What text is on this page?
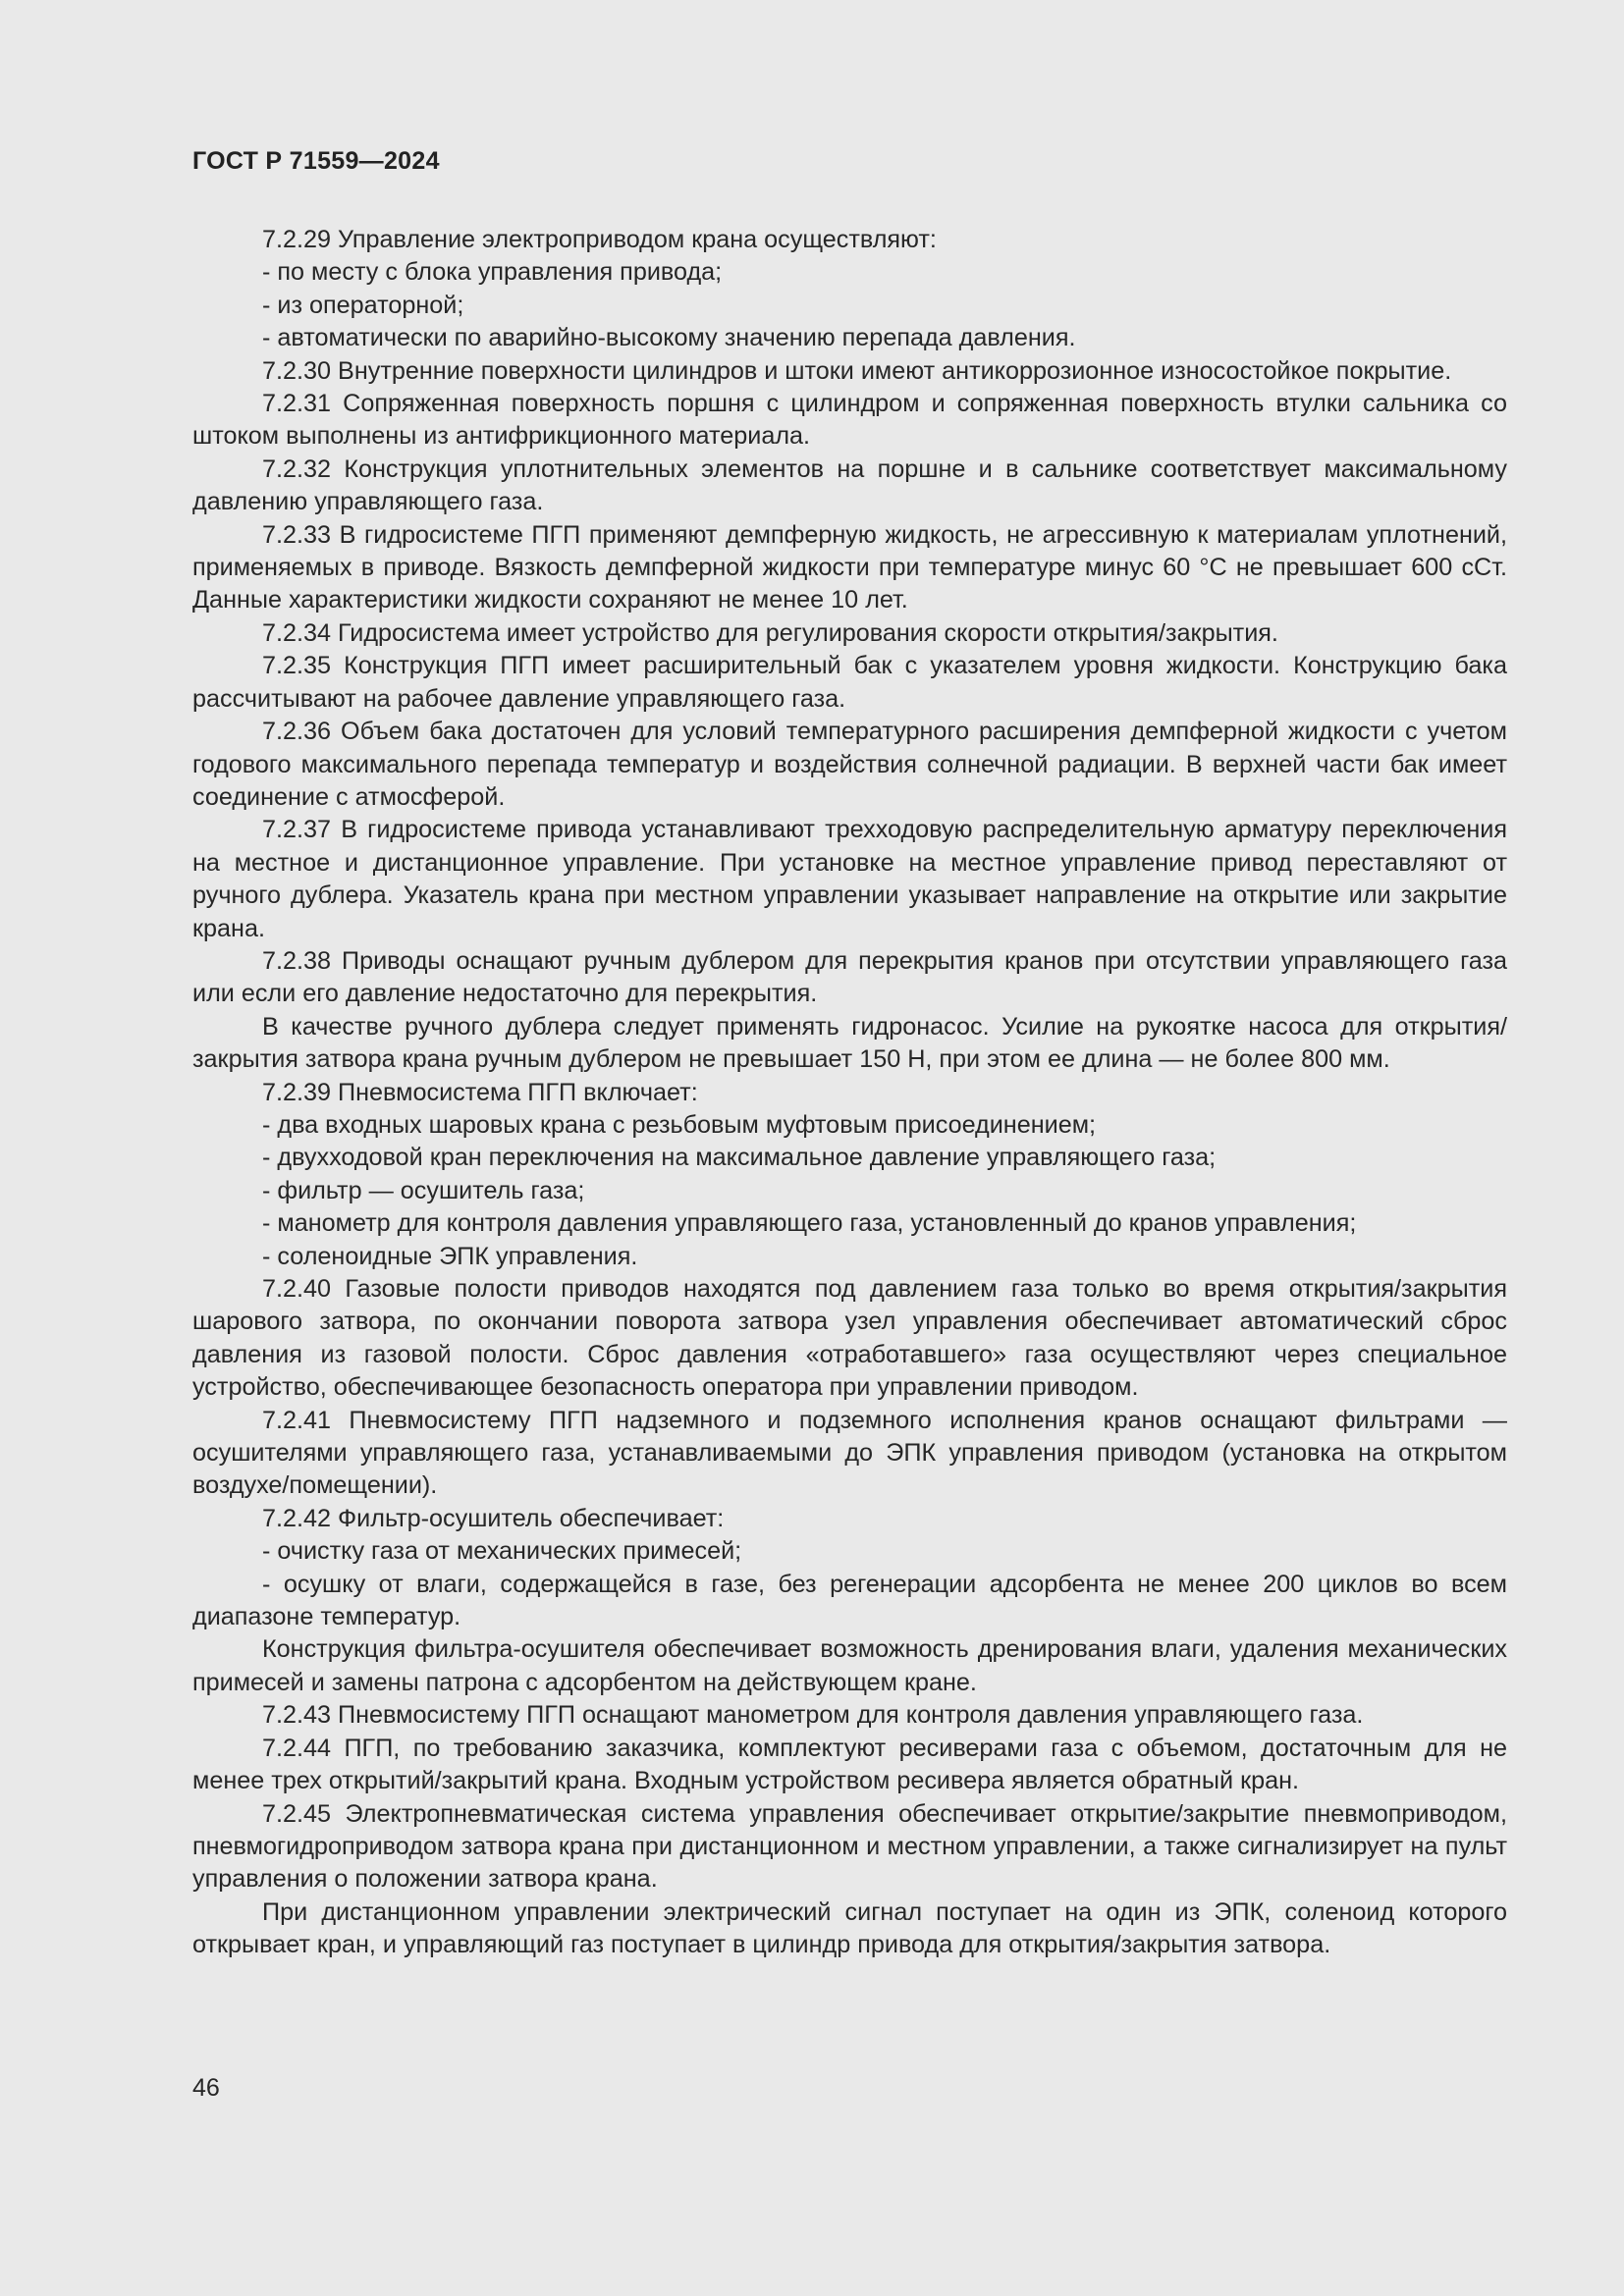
ГОСТ Р 71559—2024

7.2.29 Управление электроприводом крана осуществляют:

- по месту с блока управления привода;

- из операторной;

- автоматически по аварийно-высокому значению перепада давления.

7.2.30 Внутренние поверхности цилиндров и штоки имеют антикоррозионное износостойкое покрытие.

7.2.31 Сопряженная поверхность поршня с цилиндром и сопряженная поверхность втулки сальника со штоком выполнены из антифрикционного материала.

7.2.32 Конструкция уплотнительных элементов на поршне и в сальнике соответствует максимальному давлению управляющего газа.

7.2.33 В гидросистеме ПГП применяют демпферную жидкость, не агрессивную к материалам уплотнений, применяемых в приводе. Вязкость демпферной жидкости при температуре минус 60 °С не превышает 600 сСт. Данные характеристики жидкости сохраняют не менее 10 лет.

7.2.34 Гидросистема имеет устройство для регулирования скорости открытия/закрытия.

7.2.35 Конструкция ПГП имеет расширительный бак с указателем уровня жидкости. Конструкцию бака рассчитывают на рабочее давление управляющего газа.

7.2.36 Объем бака достаточен для условий температурного расширения демпферной жидкости с учетом годового максимального перепада температур и воздействия солнечной радиации. В верхней части бак имеет соединение с атмосферой.

7.2.37 В гидросистеме привода устанавливают трехходовую распределительную арматуру переключения на местное и дистанционное управление. При установке на местное управление привод переставляют от ручного дублера. Указатель крана при местном управлении указывает направление на открытие или закрытие крана.

7.2.38 Приводы оснащают ручным дублером для перекрытия кранов при отсутствии управляющего газа или если его давление недостаточно для перекрытия.

В качестве ручного дублера следует применять гидронасос. Усилие на рукоятке насоса для открытия/закрытия затвора крана ручным дублером не превышает 150 Н, при этом ее длина — не более 800 мм.

7.2.39 Пневмосистема ПГП включает:

- два входных шаровых крана с резьбовым муфтовым присоединением;

- двухходовой кран переключения на максимальное давление управляющего газа;

- фильтр — осушитель газа;

- манометр для контроля давления управляющего газа, установленный до кранов управления;

- соленоидные ЭПК управления.

7.2.40 Газовые полости приводов находятся под давлением газа только во время открытия/закрытия шарового затвора, по окончании поворота затвора узел управления обеспечивает автоматический сброс давления из газовой полости. Сброс давления «отработавшего» газа осуществляют через специальное устройство, обеспечивающее безопасность оператора при управлении приводом.

7.2.41 Пневмосистему ПГП надземного и подземного исполнения кранов оснащают фильтрами — осушителями управляющего газа, устанавливаемыми до ЭПК управления приводом (установка на открытом воздухе/помещении).

7.2.42 Фильтр-осушитель обеспечивает:

- очистку газа от механических примесей;

- осушку от влаги, содержащейся в газе, без регенерации адсорбента не менее 200 циклов во всем диапазоне температур.

Конструкция фильтра-осушителя обеспечивает возможность дренирования влаги, удаления механических примесей и замены патрона с адсорбентом на действующем кране.

7.2.43 Пневмосистему ПГП оснащают манометром для контроля давления управляющего газа.

7.2.44 ПГП, по требованию заказчика, комплектуют ресиверами газа с объемом, достаточным для не менее трех открытий/закрытий крана. Входным устройством ресивера является обратный кран.

7.2.45 Электропневматическая система управления обеспечивает открытие/закрытие пневмоприводом, пневмогидроприводом затвора крана при дистанционном и местном управлении, а также сигнализирует на пульт управления о положении затвора крана.

При дистанционном управлении электрический сигнал поступает на один из ЭПК, соленоид которого открывает кран, и управляющий газ поступает в цилиндр привода для открытия/закрытия затвора.

46
